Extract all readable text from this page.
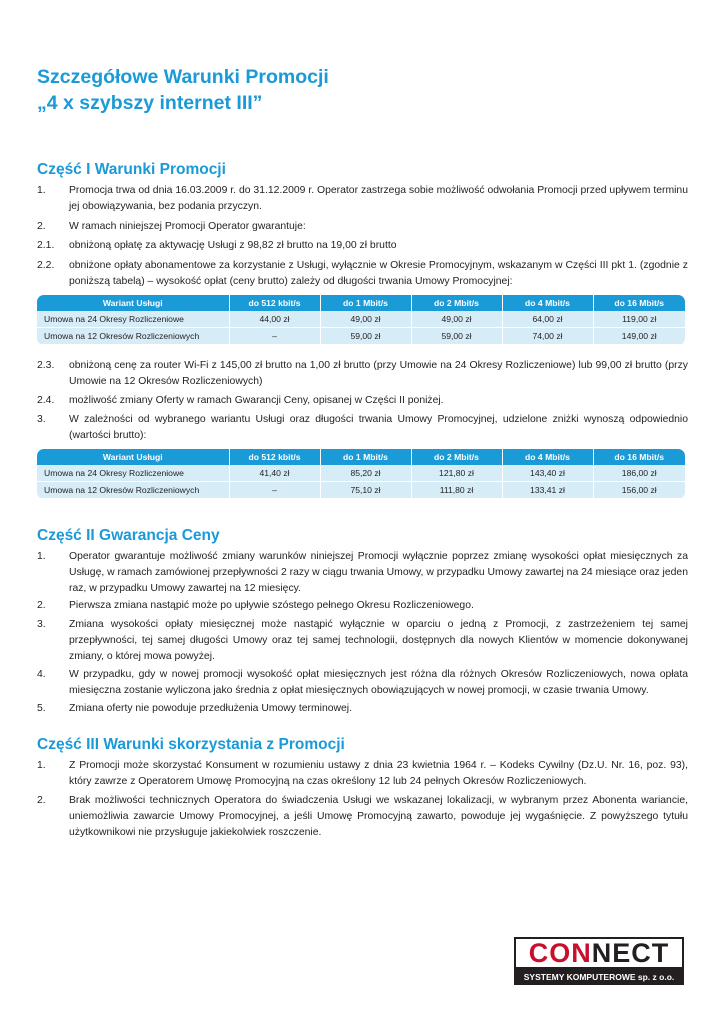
Szczegółowe Warunki Promocji
„4 x szybszy internet III”
Część I Warunki Promocji
1. Promocja trwa od dnia 16.03.2009 r. do 31.12.2009 r. Operator zastrzega sobie możliwość odwołania Promocji przed upływem terminu jej obowiązywania, bez podania przyczyn.
2. W ramach niniejszej Promocji Operator gwarantuje:
2.1. obniżoną opłatę za aktywację Usługi z 98,82 zł brutto na 19,00 zł brutto
2.2. obniżone opłaty abonamentowe za korzystanie z Usługi, wyłącznie w Okresie Promocyjnym, wskazanym w Części III pkt 1. (zgodnie z poniższą tabelą) – wysokość opłat (ceny brutto) zależy od długości trwania Umowy Promocyjnej:
Wariant Usługi	do 512 kbit/s	do 1 Mbit/s	do 2 Mbit/s	do 4 Mbit/s	do 16 Mbit/s
Umowa na 24 Okresy Rozliczeniowe	44,00 zł	49,00 zł	49,00 zł	64,00 zł	119,00 zł
Umowa na 12 Okresów Rozliczeniowych	–	59,00 zł	59,00 zł	74,00 zł	149,00 zł
2.3. obniżoną cenę za router Wi-Fi z 145,00 zł brutto na 1,00 zł brutto (przy Umowie na 24 Okresy Rozliczeniowe) lub 99,00 zł brutto (przy Umowie na 12 Okresów Rozliczeniowych)
2.4. możliwość zmiany Oferty w ramach Gwarancji Ceny, opisanej w Części II poniżej.
3. W zależności od wybranego wariantu Usługi oraz długości trwania Umowy Promocyjnej, udzielone zniżki wynoszą odpowiednio (wartości brutto):
Wariant Usługi	do 512 kbit/s	do 1 Mbit/s	do 2 Mbit/s	do 4 Mbit/s	do 16 Mbit/s
Umowa na 24 Okresy Rozliczeniowe	41,40 zł	85,20 zł	121,80 zł	143,40 zł	186,00 zł
Umowa na 12 Okresów Rozliczeniowych	–	75,10 zł	111,80 zł	133,41 zł	156,00 zł
Część II Gwarancja Ceny
1. Operator gwarantuje możliwość zmiany warunków niniejszej Promocji wyłącznie poprzez zmianę wysokości opłat miesięcznych za Usługę, w ramach zamówionej przepływności 2 razy w ciągu trwania Umowy, w przypadku Umowy zawartej na 24 miesiące oraz jeden raz, w przypadku Umowy zawartej na 12 miesięcy.
2. Pierwsza zmiana nastąpić może po upływie szóstego pełnego Okresu Rozliczeniowego.
3. Zmiana wysokości opłaty miesięcznej może nastąpić wyłącznie w oparciu o jedną z Promocji, z zastrzeżeniem tej samej przepływności, tej samej długości Umowy oraz tej samej technologii, dostępnych dla nowych Klientów w momencie dokonywanej zmiany, o której mowa powyżej.
4. W przypadku, gdy w nowej promocji wysokość opłat miesięcznych jest różna dla różnych Okresów Rozliczeniowych, nowa opłata miesięczna zostanie wyliczona jako średnia z opłat miesięcznych obowiązujących w nowej promocji, w czasie trwania Umowy.
5. Zmiana oferty nie powoduje przedłużenia Umowy terminowej.
Część III Warunki skorzystania z Promocji
1. Z Promocji może skorzystać Konsument w rozumieniu ustawy z dnia 23 kwietnia 1964 r. – Kodeks Cywilny (Dz.U. Nr. 16, poz. 93), który zawrze z Operatorem Umowę Promocyjną na czas określony 12 lub 24 pełnych Okresów Rozliczeniowych.
2. Brak możliwości technicznych Operatora do świadczenia Usługi we wskazanej lokalizacji, w wybranym przez Abonenta wariancie, uniemożliwia zawarcie Umowy Promocyjnej, a jeśli Umowę Promocyjną zawarto, powoduje jej wygaśnięcie. Z powyższego tytułu użytkownikowi nie przysługuje jakiekolwiek roszczenie.
CONNECT
SYSTEMY KOMPUTEROWE sp. z o.o.
